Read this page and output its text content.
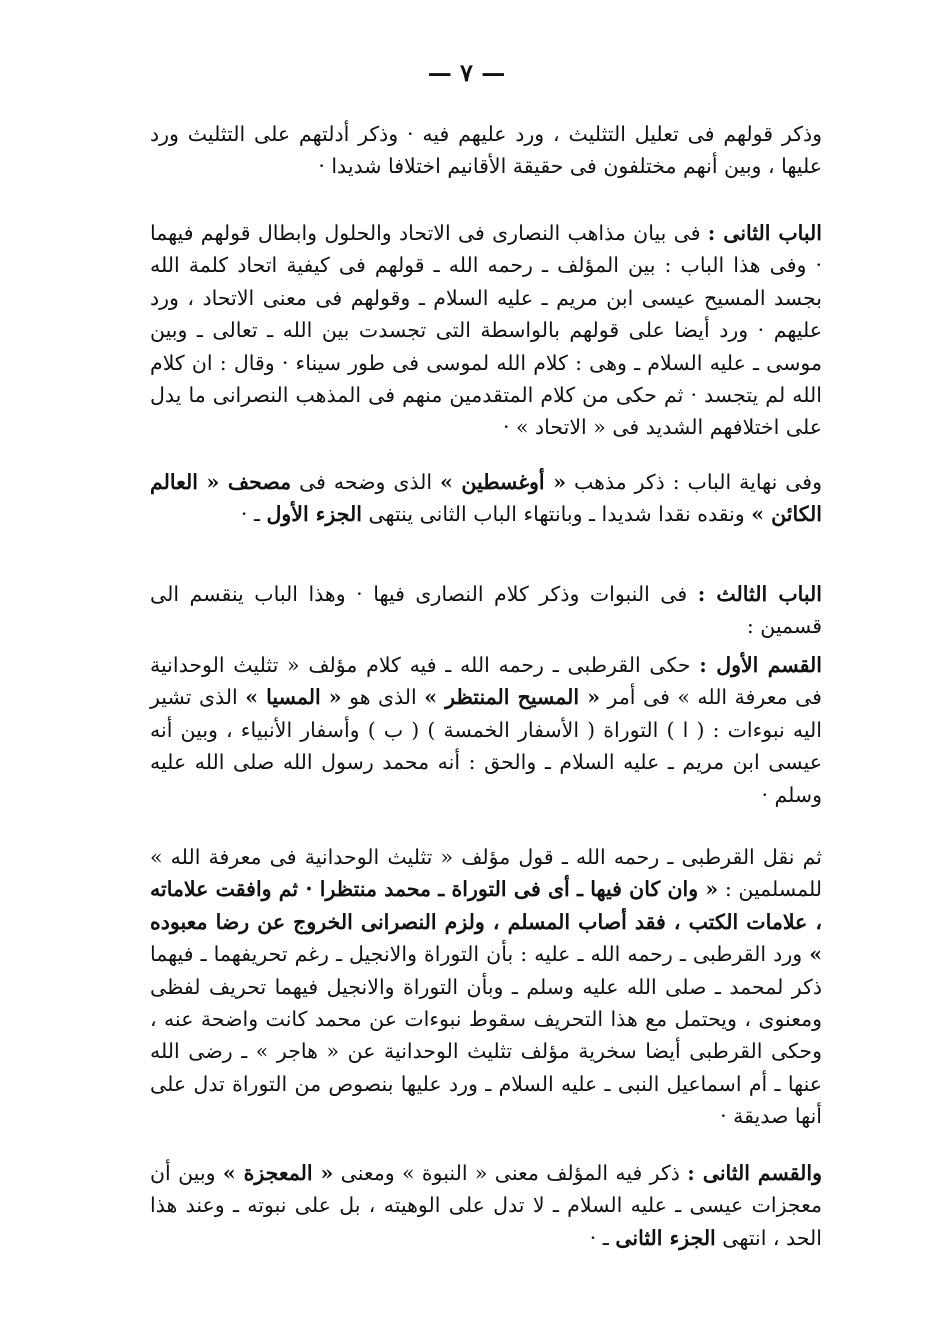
— ٧ —
وذكر قولهم فى تعليل التثليث ، ورد عليهم فيه · وذكر أدلتهم على التثليث ورد عليها ، وبين أنهم مختلفون فى حقيقة الأقانيم اختلافا شديدا ·
الباب الثانى : فى بيان مذاهب النصارى فى الاتحاد والحلول وابطال قولهم فيهما · وفى هذا الباب : بين المؤلف ـ رحمه الله ـ قولهم فى كيفية اتحاد كلمة الله بجسد المسيح عيسى ابن مريم ـ عليه السلام ـ وقولهم فى معنى الاتحاد ، ورد عليهم · ورد أيضا على قولهم بالواسطة التى تجسدت بين الله ـ تعالى ـ وبين موسى ـ عليه السلام ـ وهى : كلام الله لموسى فى طور سيناء · وقال : ان كلام الله لم يتجسد · ثم حكى من كلام المتقدمين منهم فى المذهب النصرانى ما يدل على اختلافهم الشديد فى « الاتحاد » ·
وفى نهاية الباب : ذكر مذهب « أوغسطين » الذى وضحه فى مصحف « العالم الكائن » ونقده نقدا شديدا ـ وبانتهاء الباب الثانى ينتهى الجزء الأول ـ ·
الباب الثالث : فى النبوات وذكر كلام النصارى فيها · وهذا الباب ينقسم الى قسمين :
القسم الأول : حكى القرطبى ـ رحمه الله ـ فيه كلام مؤلف « تثليث الوحدانية فى معرفة الله » فى أمر « المسيح المنتظر » الذى هو « المسيا » الذى تشير اليه نبوءات : ( ا ) التوراة ( الأسفار الخمسة ) ( ب ) وأسفار الأنبياء ، وبين أنه عيسى ابن مريم ـ عليه السلام ـ والحق : أنه محمد رسول الله صلى الله عليه وسلم ·
ثم نقل القرطبى ـ رحمه الله ـ قول مؤلف « تثليث الوحدانية فى معرفة الله » للمسلمين : « وان كان فيها ـ أى فى التوراة ـ محمد منتظرا · ثم وافقت علاماته ، علامات الكتب ، فقد أصاب المسلم ، ولزم النصرانى الخروج عن رضا معبوده » ورد القرطبى ـ رحمه الله ـ عليه : بأن التوراة والانجيل ـ رغم تحريفهما ـ فيهما ذكر لمحمد ـ صلى الله عليه وسلم ـ وبأن التوراة والانجيل فيهما تحريف لفظى ومعنوى ، ويحتمل مع هذا التحريف سقوط نبوءات عن محمد كانت واضحة عنه ، وحكى القرطبى أيضا سخرية مؤلف تثليث الوحدانية عن « هاجر » ـ رضى الله عنها ـ أم اسماعيل النبى ـ عليه السلام ـ ورد عليها بنصوص من التوراة تدل على أنها صديقة ·
والقسم الثانى : ذكر فيه المؤلف معنى « النبوة » ومعنى « المعجزة » وبين أن معجزات عيسى ـ عليه السلام ـ لا تدل على الوهيته ، بل على نبوته ـ وعند هذا الحد ، انتهى الجزء الثانى ـ ·
